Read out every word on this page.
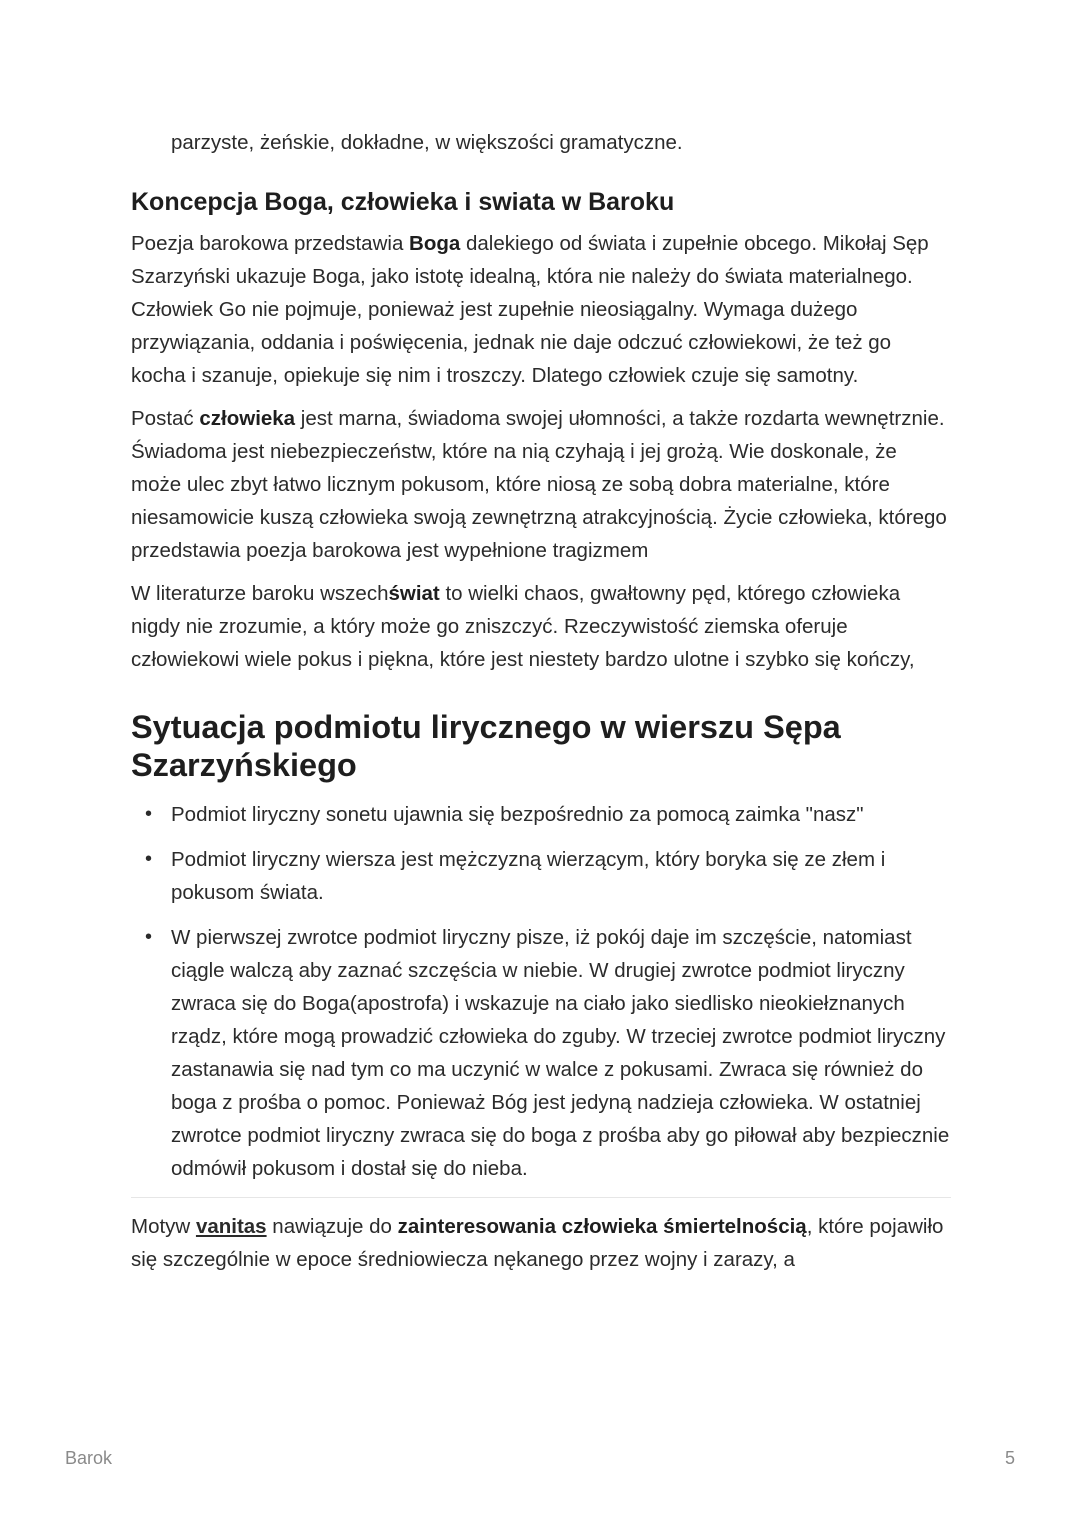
parzyste, żeńskie, dokładne, w większości gramatyczne.

Koncepcja Boga, człowieka i swiata w Baroku

Poezja barokowa przedstawia Boga dalekiego od świata i zupełnie obcego. Mikołaj Sęp Szarzyński ukazuje Boga, jako istotę idealną, która nie należy do świata materialnego. Człowiek Go nie pojmuje, ponieważ jest zupełnie nieosiągalny. Wymaga dużego przywiązania, oddania i poświęcenia, jednak nie daje odczuć człowiekowi, że też go kocha i szanuje, opiekuje się nim i troszczy. Dlatego człowiek czuje się samotny.

Postać człowieka jest marna, świadoma swojej ułomności, a także rozdarta wewnętrznie. Świadoma jest niebezpieczeństw, które na nią czyhają i jej grożą. Wie doskonale, że może ulec zbyt łatwo licznym pokusom, które niosą ze sobą dobra materialne, które niesamowicie kuszą człowieka swoją zewnętrzną atrakcyjnością. Życie człowieka, którego przedstawia poezja barokowa jest wypełnione tragizmem

W literaturze baroku wszechświat to wielki chaos, gwałtowny pęd, którego człowieka nigdy nie zrozumie, a który może go zniszczyć. Rzeczywistość ziemska oferuje człowiekowi wiele pokus i piękna, które jest niestety bardzo ulotne i szybko się kończy,

Sytuacja podmiotu lirycznego w wierszu Sępa Szarzyńskiego
• Podmiot liryczny sonetu ujawnia się bezpośrednio za pomocą zaimka "nasz"
• Podmiot liryczny wiersza jest mężczyzną wierzącym, który boryka się ze złem i pokusom świata.
• W pierwszej zwrotce podmiot liryczny pisze, iż pokój daje im szczęście, natomiast ciągle walczą aby zaznać szczęścia w niebie. W drugiej zwrotce podmiot liryczny zwraca się do Boga(apostrofa) i wskazuje na ciało jako siedlisko nieokiełznanych rządz, które mogą prowadzić człowieka do zguby. W trzeciej zwrotce podmiot liryczny zastanawia się nad tym co ma uczynić w walce z pokusami. Zwraca się również do boga z prośba o pomoc. Ponieważ Bóg jest jedyną nadzieja człowieka. W ostatniej zwrotce podmiot liryczny zwraca się do boga z prośba aby go piłował aby bezpiecznie odmówił pokusom i dostał się do nieba.

Motyw vanitas nawiązuje do zainteresowania człowieka śmiertelnością, które pojawiło się szczególnie w epoce średniowiecza nękanego przez wojny i zarazy, a

Barok	5
